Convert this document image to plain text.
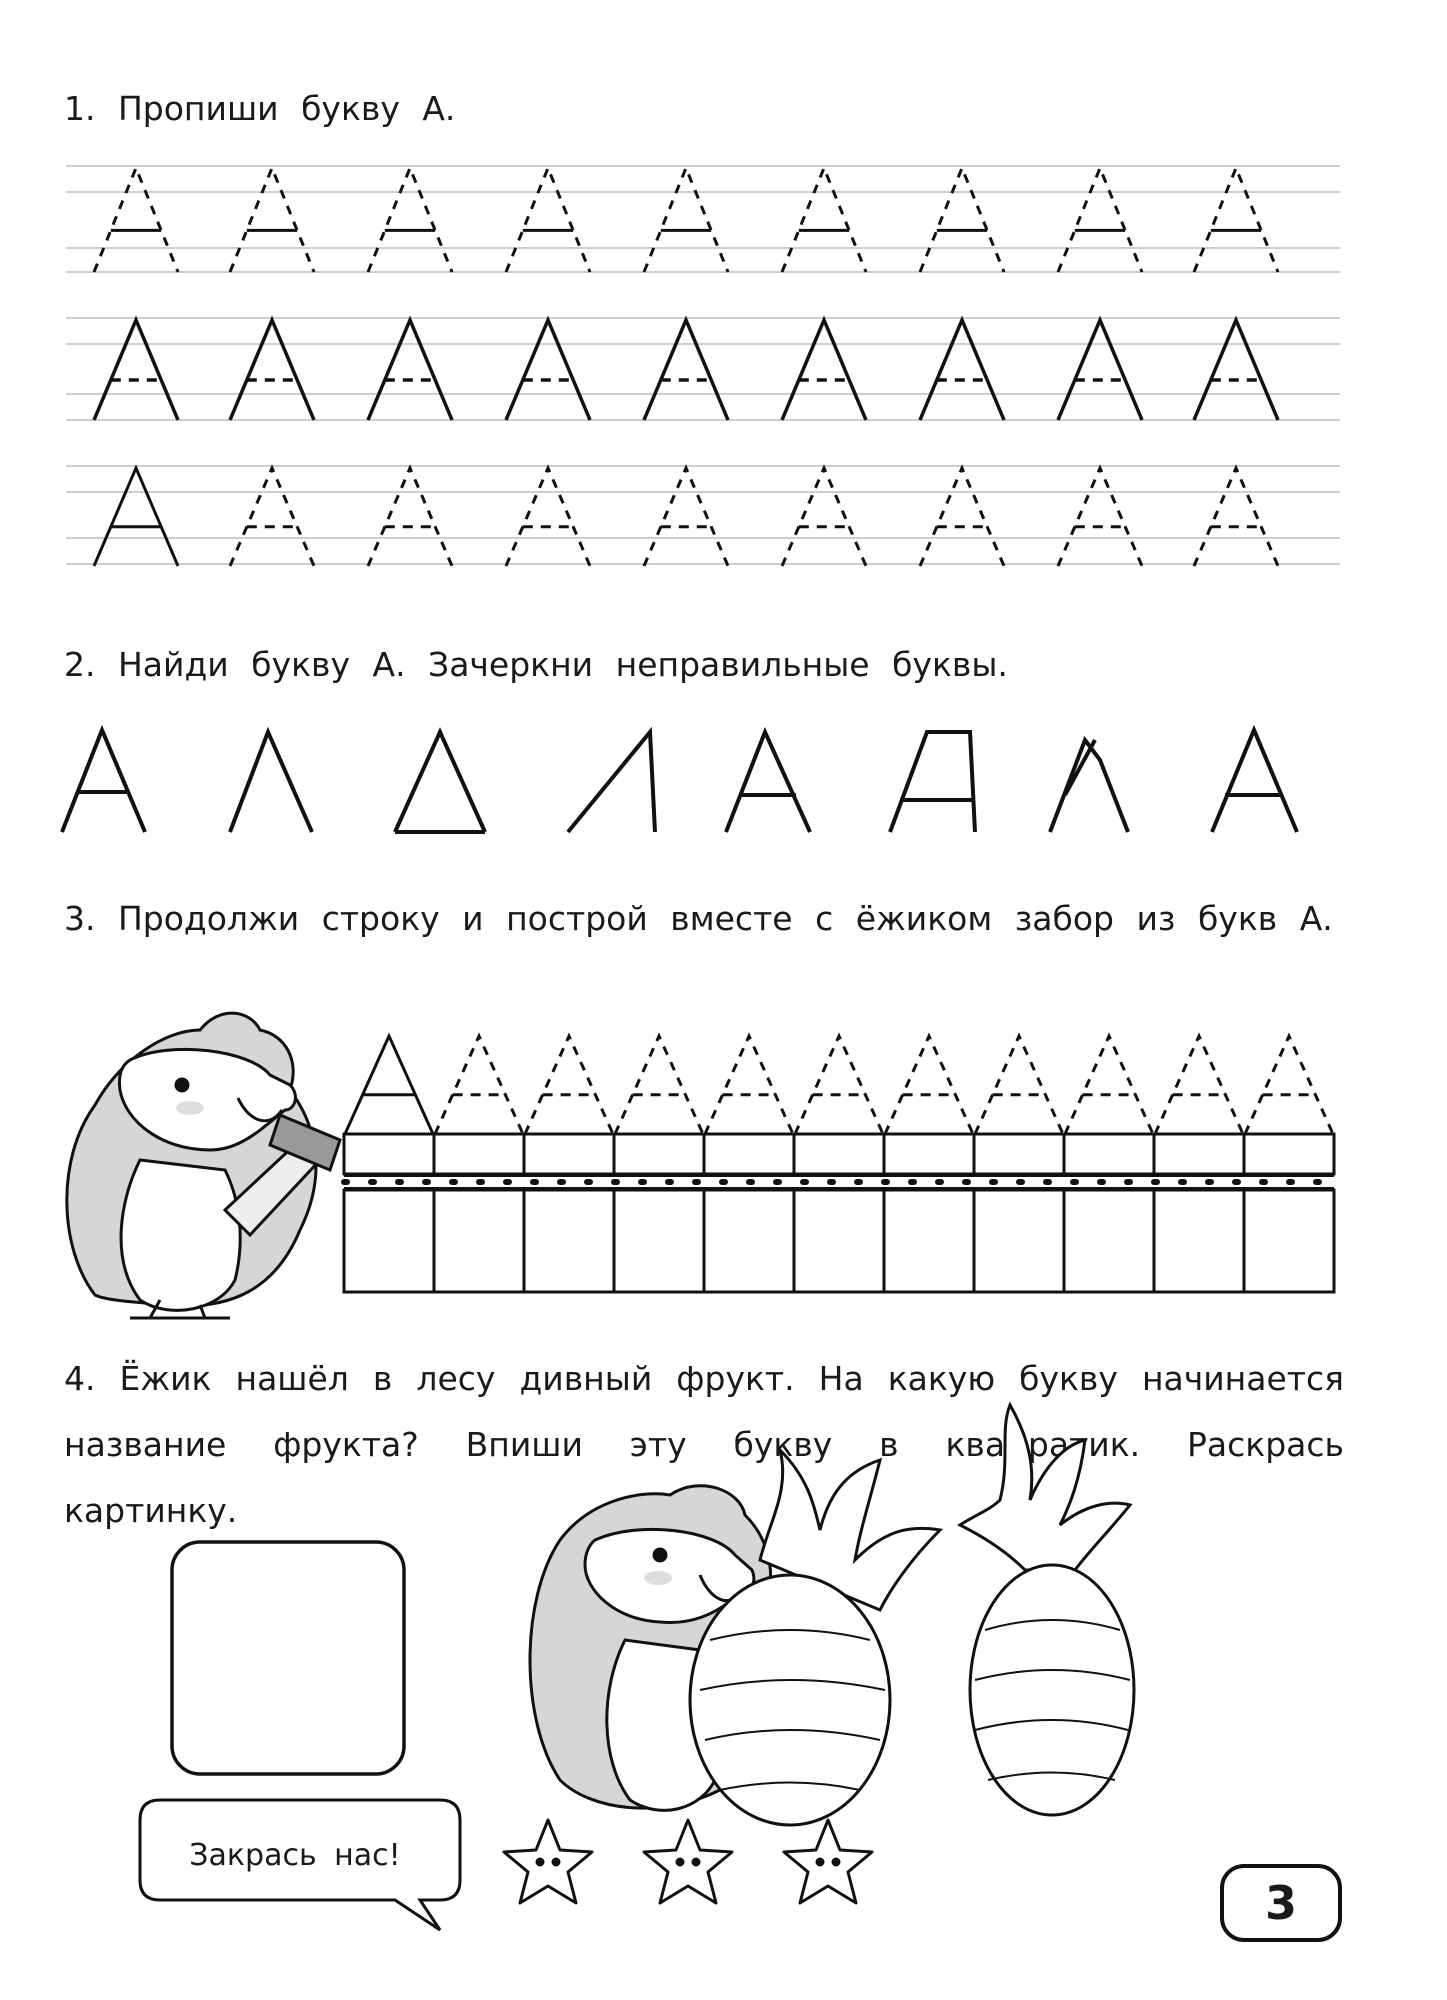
1. Пропиши букву А.

2. Найди букву А. Зачеркни неправильные буквы.

3. Продолжи строку и построй вместе с ёжиком забор из букв А.

4. Ёжик нашёл в лесу дивный фрукт. На какую букву начинается название фрукта? Впиши эту букву в квадратик. Раскрась картинку.

Закрась нас!
3
